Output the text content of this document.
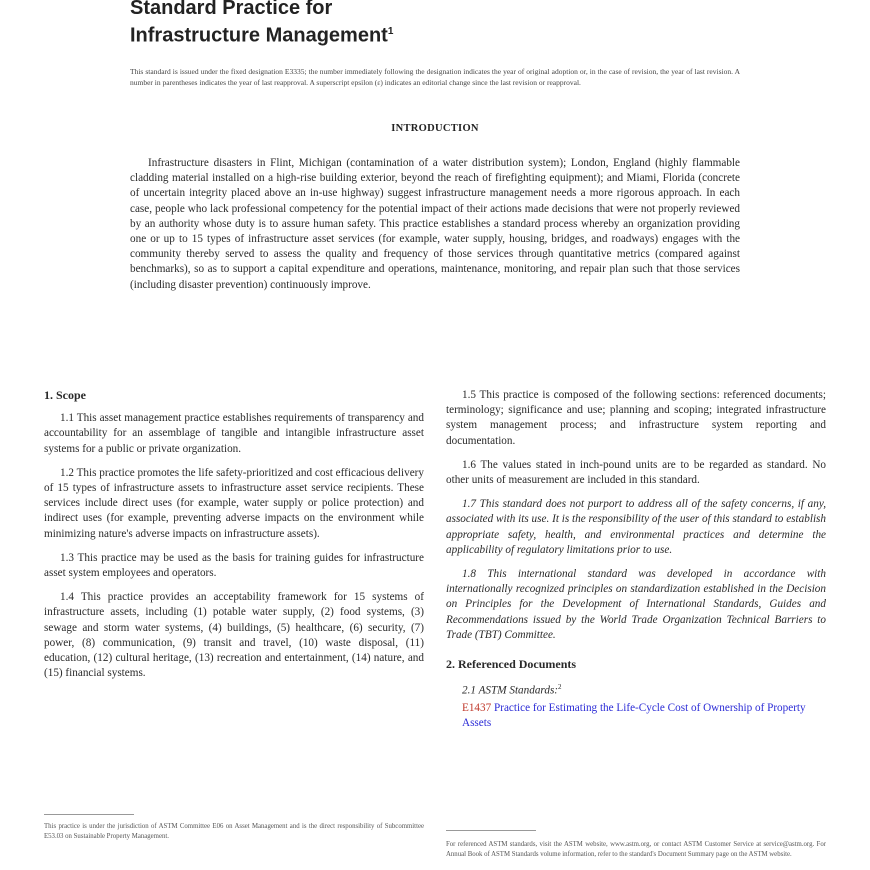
Standard Practice for
Infrastructure Management$^1$
This standard is issued under the fixed designation E3335; the number immediately following the designation indicates the year of original adoption or, in the case of revision, the year of last revision. A number in parentheses indicates the year of last reapproval. A superscript epsilon (ε) indicates an editorial change since the last revision or reapproval.
INTRODUCTION
Infrastructure disasters in Flint, Michigan (contamination of a water distribution system); London, England (highly flammable cladding material installed on a high-rise building exterior, beyond the reach of firefighting equipment); and Miami, Florida (concrete of uncertain integrity placed above an in-use highway) suggest infrastructure management needs a more rigorous approach. In each case, people who lack professional competency for the potential impact of their actions made decisions that were not properly reviewed by an authority whose duty is to assure human safety. This practice establishes a standard process whereby an organization providing one or up to 15 types of infrastructure asset services (for example, water supply, housing, bridges, and roadways) engages with the community thereby served to assess the quality and frequency of those services through quantitative metrics (compared against benchmarks), so as to support a capital expenditure and operations, maintenance, monitoring, and repair plan such that those services (including disaster prevention) continuously improve.
1. Scope

1.1 This asset management practice establishes requirements of transparency and accountability for an assemblage of tangible and intangible infrastructure asset systems for a public or private organization.

1.2 This practice promotes the life safety-prioritized and cost efficacious delivery of 15 types of infrastructure assets to infrastructure asset service recipients. These services include direct uses (for example, water supply or police protection) and indirect uses (for example, preventing adverse impacts on the environment while minimizing nature's adverse impacts on infrastructure assets).

1.3 This practice may be used as the basis for training guides for infrastructure asset system employees and operators.

1.4 This practice provides an acceptability framework for 15 systems of infrastructure assets, including (1) potable water supply, (2) food systems, (3) sewage and storm water systems, (4) buildings, (5) healthcare, (6) security, (7) power, (8) communication, (9) transit and travel, (10) waste disposal, (11) education, (12) cultural heritage, (13) recreation and entertainment, (14) nature, and (15) financial systems.

1.5 This practice is composed of the following sections: referenced documents; terminology; significance and use; planning and scoping; integrated infrastructure system management process; and infrastructure system reporting and documentation.

1.6 The values stated in inch-pound units are to be regarded as standard. No other units of measurement are included in this standard.

1.7 This standard does not purport to address all of the safety concerns, if any, associated with its use. It is the responsibility of the user of this standard to establish appropriate safety, health, and environmental practices and determine the applicability of regulatory limitations prior to use.

1.8 This international standard was developed in accordance with internationally recognized principles on standardization established in the Decision on Principles for the Development of International Standards, Guides and Recommendations issued by the World Trade Organization Technical Barriers to Trade (TBT) Committee.

2. Referenced Documents
2.1 ASTM Standards:$^2$
E1437 Practice for Estimating the Life-Cycle Cost of Ownership of Property Assets
This practice is under the jurisdiction of ASTM Committee E06 on Asset Management and is the direct responsibility of Subcommittee E53.03 on Sustainable Property Management.
For referenced ASTM standards, visit the ASTM website, www.astm.org, or contact ASTM Customer Service at service@astm.org. For Annual Book of ASTM Standards volume information, refer to the standard's Document Summary page on the ASTM website.
